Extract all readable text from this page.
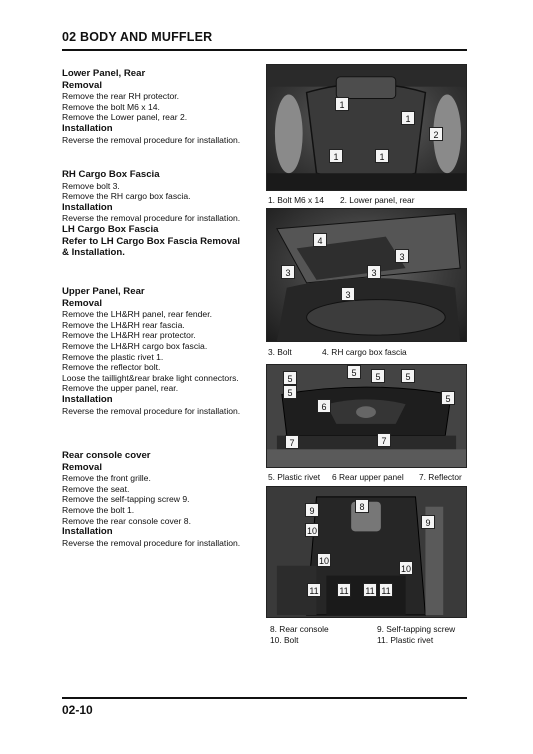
02 BODY AND MUFFLER
Lower Panel, Rear
Removal
Remove the rear RH protector.
Remove the bolt M6 x 14.
Remove the Lower panel, rear 2.
Installation
Reverse the removal procedure for installation.
RH Cargo Box Fascia
Remove bolt 3.
Remove the RH cargo box fascia.
Installation
Reverse the removal procedure for installation.
LH Cargo Box Fascia
Refer to LH Cargo Box Fascia Removal
& Installation.
Upper Panel, Rear
Removal
Remove the LH&RH panel, rear fender.
Remove the LH&RH rear fascia.
Remove the LH&RH rear protector.
Remove the LH&RH cargo box fascia.
Remove the plastic rivet 1.
Remove the reflector bolt.
Loose the taillight&rear brake light connectors.
Remove the upper panel, rear.
Installation
Reverse the removal procedure for installation.
Rear console cover
Removal
Remove the front grille.
Remove the seat.
Remove the self-tapping screw 9.
Remove the bolt 1.
Remove the rear console cover 8.
Installation
Reverse the removal procedure for installation.
1
1
2
1	1
1. Bolt M6 x 14 2. Lower panel, rear
4
3	3
3
3
3. Bolt	4. RH cargo box fascia
5
5	5	5
5
5
6
7
7
5. Plastic rivet 6 Rear upper panel 7. Reflector
9	8
9
10
10
10
11 11 11 11
8. Rear console	9. Self-tapping screw
10. Bolt	11. Plastic rivet
02-10
